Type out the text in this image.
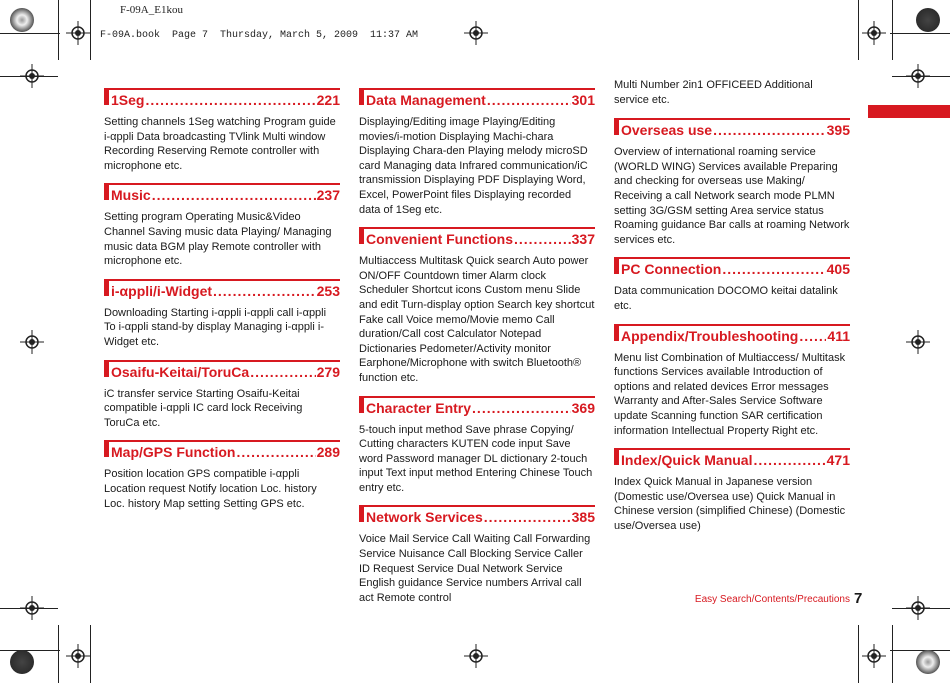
F-09A_E1kou
F-09A.book  Page 7  Thursday, March 5, 2009  11:37 AM
1Seg .....	221
Setting channels 1Seg watching Program guide i-αppli Data broadcasting TVlink Multi window Recording Reserving Remote controller with microphone etc.
Music .....	237
Setting program Operating Music&Video Channel Saving music data Playing/ Managing music data BGM play Remote controller with microphone etc.
i-αppli/i-Widget .....	253
Downloading Starting i-αppli i-αppli call i-αppli To i-αppli stand-by display Managing i-αppli i-Widget etc.
Osaifu-Keitai/ToruCa .....	279
iC transfer service Starting Osaifu-Keitai compatible i-αppli IC card lock Receiving ToruCa etc.
Map/GPS Function .....	289
Position location GPS compatible i-αppli Location request Notify location Loc. history Loc. history Map setting Setting GPS etc.
Data Management .....	301
Displaying/Editing image Playing/Editing movies/i-motion Displaying Machi-chara Displaying Chara-den Playing melody microSD card Managing data Infrared communication/iC transmission Displaying PDF Displaying Word, Excel, PowerPoint files Displaying recorded data of 1Seg etc.
Convenient Functions .....	337
Multiaccess Multitask Quick search Auto power ON/OFF Countdown timer Alarm clock Scheduler Shortcut icons Custom menu Slide and edit Turn-display option Search key shortcut Fake call Voice memo/Movie memo Call duration/Call cost Calculator Notepad Dictionaries Pedometer/Activity monitor Earphone/Microphone with switch Bluetooth® function etc.
Character Entry .....	369
5-touch input method Save phrase Copying/ Cutting characters KUTEN code input Save word Password manager DL dictionary 2-touch input Text input method Entering Chinese Touch entry etc.
Network Services .....	385
Voice Mail Service Call Waiting Call Forwarding Service Nuisance Call Blocking Service Caller ID Request Service Dual Network Service English guidance Service numbers Arrival call act Remote control
Multi Number 2in1 OFFICEED Additional service etc.
Overseas use .....	395
Overview of international roaming service (WORLD WING) Services available Preparing and checking for overseas use Making/ Receiving a call Network search mode PLMN setting 3G/GSM setting Area service status Roaming guidance Bar calls at roaming Network services etc.
PC Connection .....	405
Data communication DOCOMO keitai datalink etc.
Appendix/Troubleshooting ..... 411
Menu list Combination of Multiaccess/ Multitask functions Services available Introduction of options and related devices Error messages Warranty and After-Sales Service Software update Scanning function SAR certification information Intellectual Property Right etc.
Index/Quick Manual .....	471
Index Quick Manual in Japanese version (Domestic use/Oversea use) Quick Manual in Chinese version (simplified Chinese) (Domestic use/Oversea use)
Easy Search/Contents/Precautions 7
